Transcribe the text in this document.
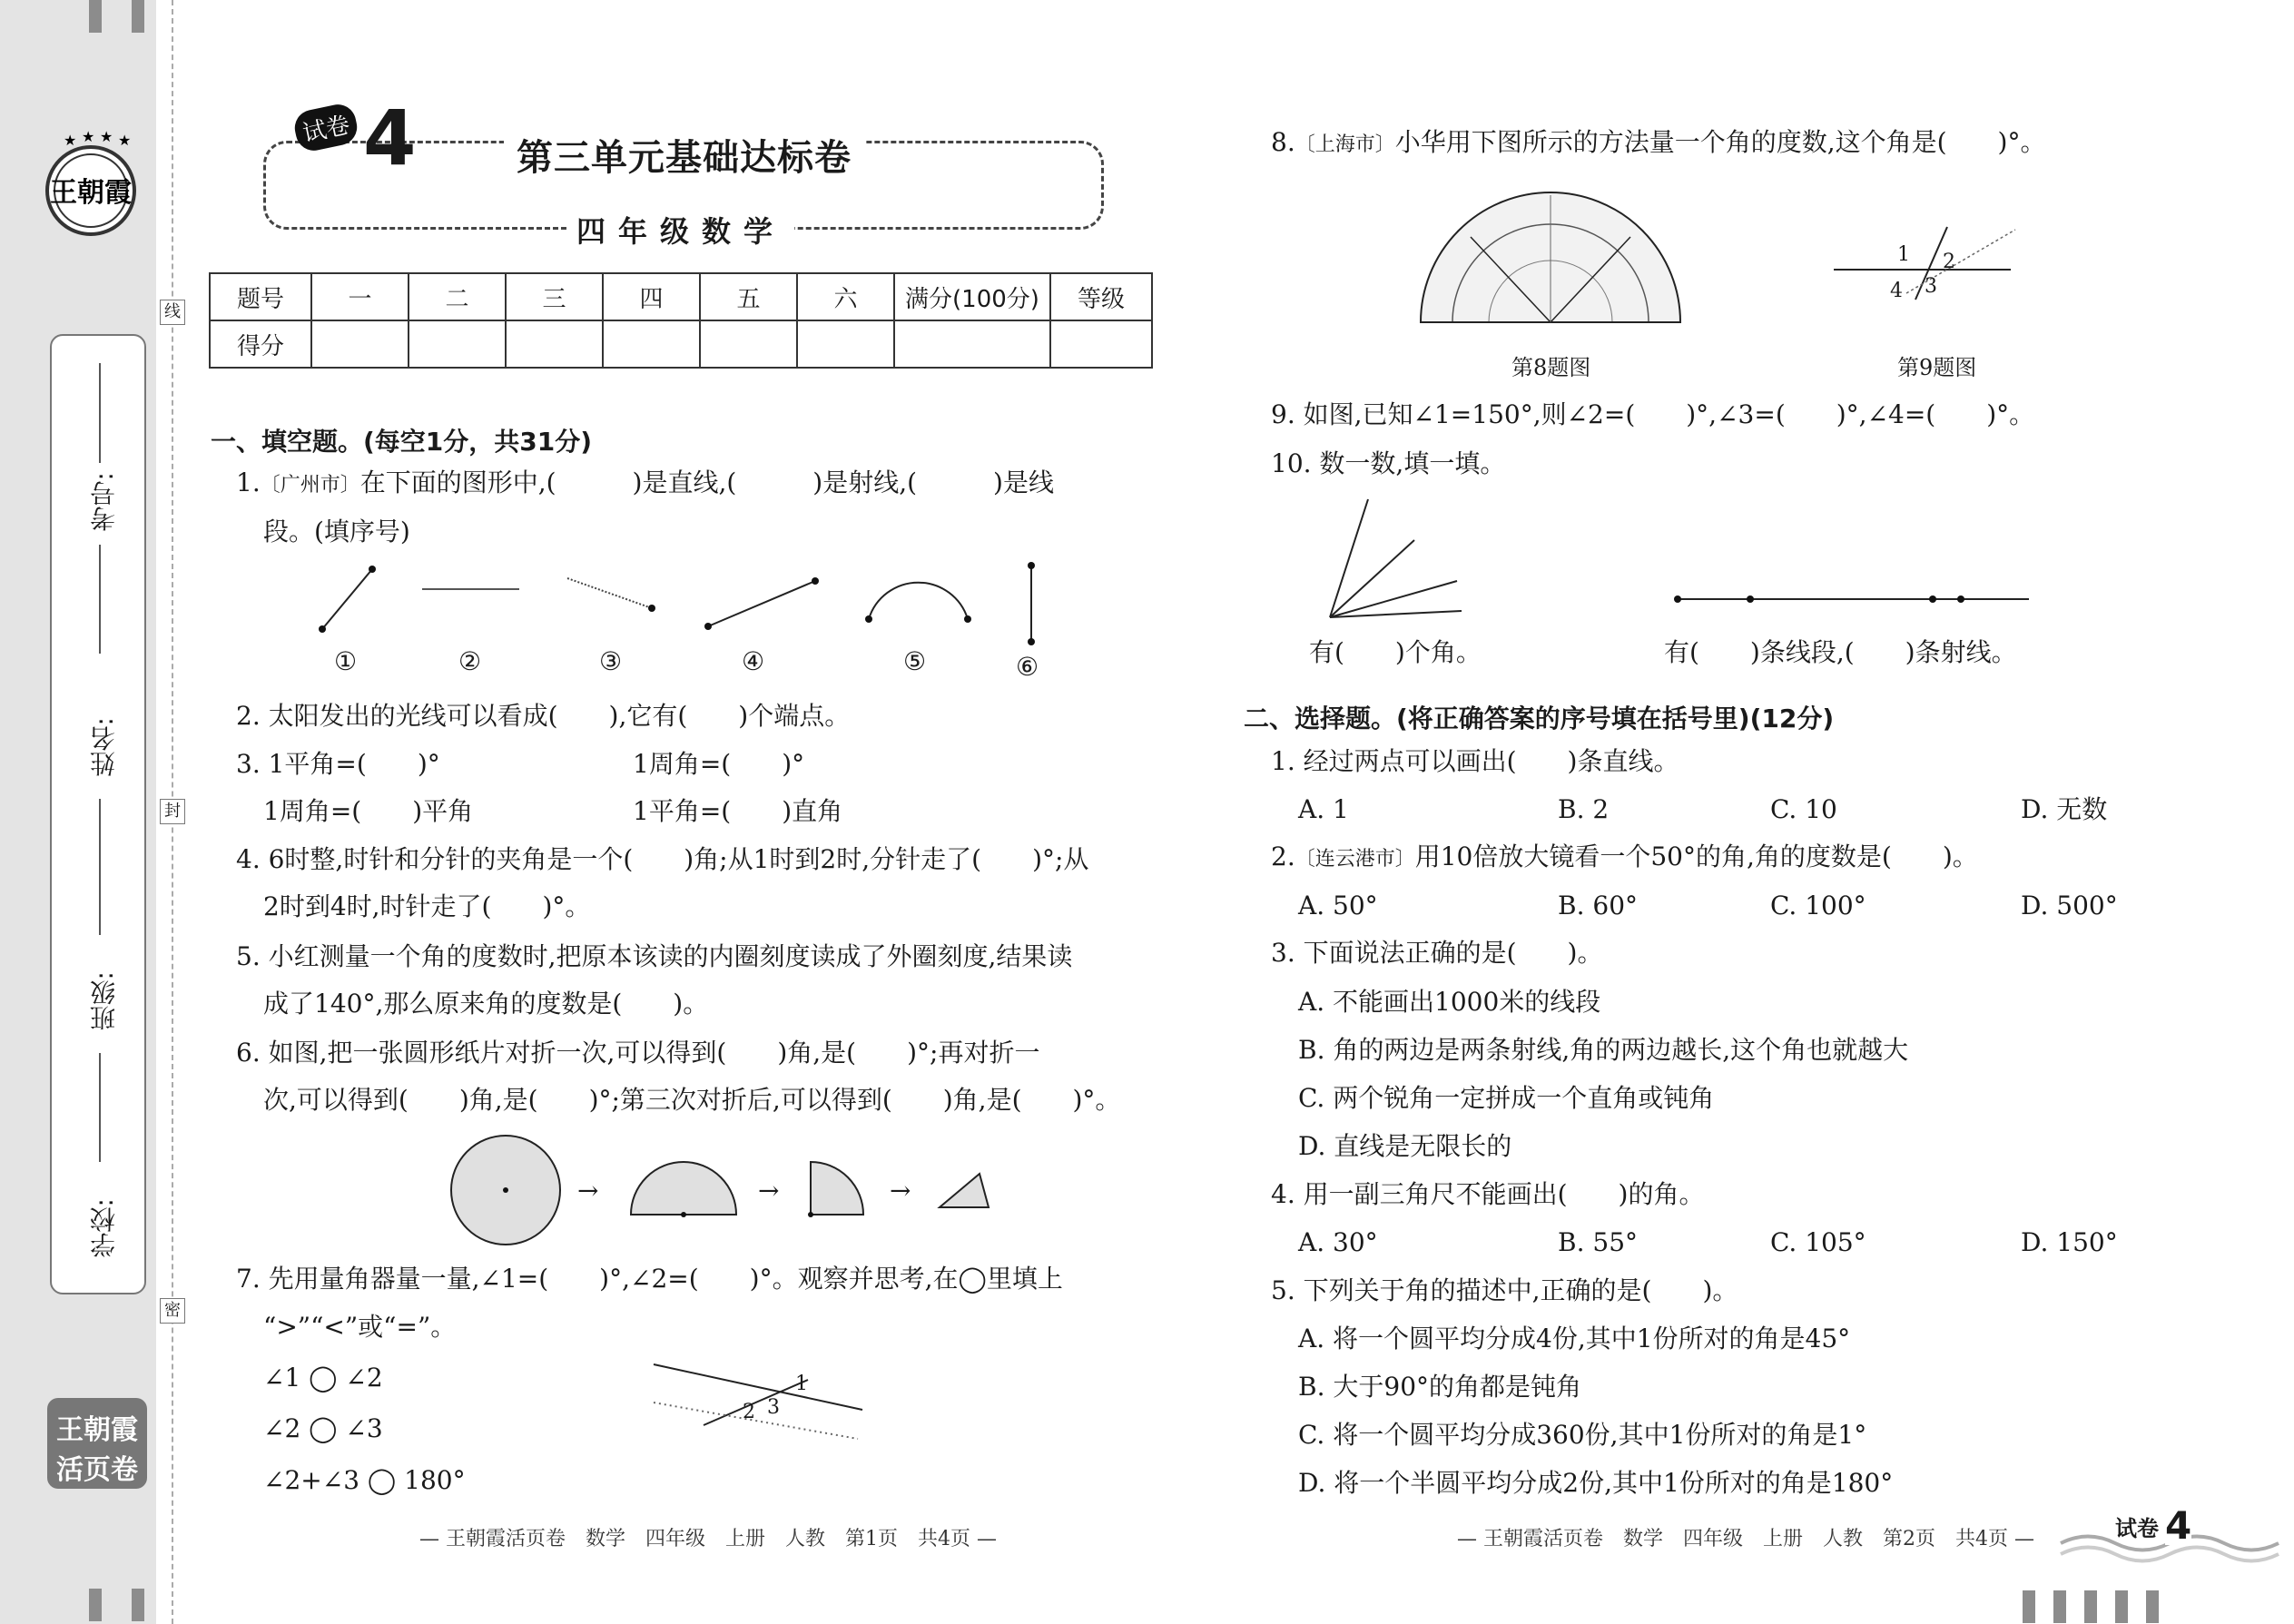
王朝霞
★ ★ ★ ★
考号:
姓名:
班级:
学校:
王朝霞
活页卷
线
封
密
试卷 4	第三单元基础达标卷
四年级数学
题号	一	二	三	四	五	六	满分(100分)	等级
得分								
一、填空题。(每空1分，共31分)
1.〔广州市〕在下面的图形中,(　　　)是直线,(　　　)是射线,(　　　)是线
段。(填序号)
①	②	③	④	⑤	⑥
2. 太阳发出的光线可以看成(　　),它有(　　)个端点。
3. 1平角=(　　)°	1周角=(　　)°
1周角=(　　)平角	1平角=(　　)直角
4. 6时整,时针和分针的夹角是一个(　　)角;从1时到2时,分针走了(　　)°;从
2时到4时,时针走了(　　)°。
5. 小红测量一个角的度数时,把原本该读的内圈刻度读成了外圈刻度,结果读
成了140°,那么原来角的度数是(　　)。
6. 如图,把一张圆形纸片对折一次,可以得到(　　)角,是(　　)°;再对折一
次,可以得到(　　)角,是(　　)°;第三次对折后,可以得到(　　)角,是(　　)°。
→	→	→
7. 先用量角器量一量,∠1=(　　)°,∠2=(　　)°。观察并思考,在◯里填上
“>”“<”或“=”。
∠1 ◯ ∠2
∠2 ◯ ∠3
∠2+∠3 ◯ 180°
1
2 3
— 王朝霞活页卷　数学　四年级　上册　人教　第1页　共4页 —
8.〔上海市〕小华用下图所示的方法量一个角的度数,这个角是(　　)°。
第8题图
1 2
3
4
第9题图
9. 如图,已知∠1=150°,则∠2=(　　)°,∠3=(　　)°,∠4=(　　)°。
10. 数一数,填一填。
有(　　)个角。	有(　　)条线段,(　　)条射线。
二、选择题。(将正确答案的序号填在括号里)(12分)
1. 经过两点可以画出(　　)条直线。
A. 1	B. 2	C. 10	D. 无数
2.〔连云港市〕用10倍放大镜看一个50°的角,角的度数是(　　)。
A. 50°	B. 60°	C. 100°	D. 500°
3. 下面说法正确的是(　　)。
A. 不能画出1000米的线段
B. 角的两边是两条射线,角的两边越长,这个角也就越大
C. 两个锐角一定拼成一个直角或钝角
D. 直线是无限长的
4. 用一副三角尺不能画出(　　)的角。
A. 30°	B. 55°	C. 105°	D. 150°
5. 下列关于角的描述中,正确的是(　　)。
A. 将一个圆平均分成4份,其中1份所对的角是45°
B. 大于90°的角都是钝角
C. 将一个圆平均分成360份,其中1份所对的角是1°
D. 将一个半圆平均分成2份,其中1份所对的角是180°
— 王朝霞活页卷　数学　四年级　上册　人教　第2页　共4页 —	试卷 4
